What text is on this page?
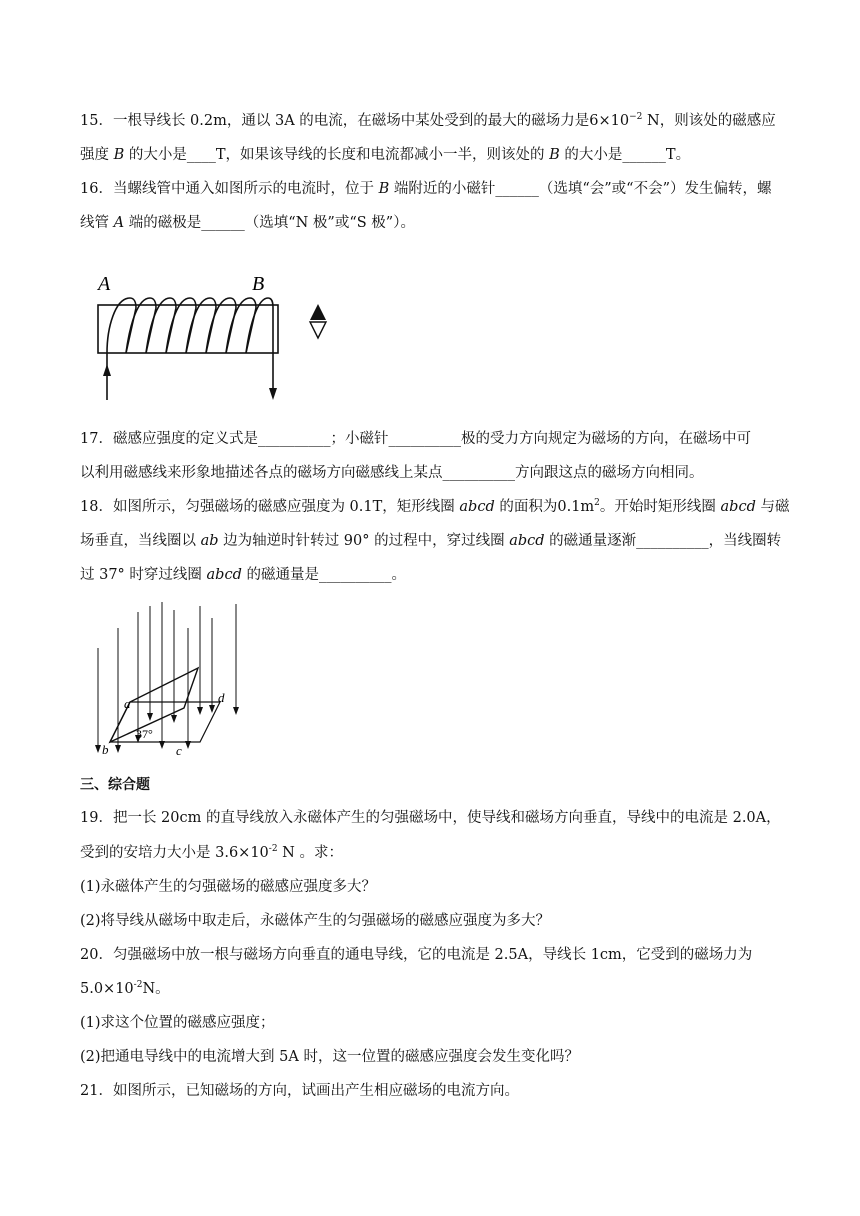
15．一根导线长 0.2m，通以 3A 的电流，在磁场中某处受到的最大的磁场力是$6\times 10^{-2}$ N，则该处的磁感应
强度 B 的大小是____T，如果该导线的长度和电流都减小一半，则该处的 B 的大小是______T。
16．当螺线管中通入如图所示的电流时，位于 B 端附近的小磁针______（选填“会”或“不会”）发生偏转，螺
线管 A 端的磁极是______（选填“N 极”或“S 极”）。
A	B
17．磁感应强度的定义式是__________；小磁针__________极的受力方向规定为磁场的方向，在磁场中可
以利用磁感线来形象地描述各点的磁场方向磁感线上某点__________方向跟这点的磁场方向相同。
18．如图所示，匀强磁场的磁感应强度为 0.1T，矩形线圈 abcd 的面积为$0.1m^2$。开始时矩形线圈 abcd 与磁
场垂直，当线圈以 ab 边为轴逆时针转过 90° 的过程中，穿过线圈 abcd 的磁通量逐渐__________，当线圈转
过 37° 时穿过线圈 abcd 的磁通量是__________。
a
b	c
d
37°
三、综合题
19．把一长 20cm 的直导线放入永磁体产生的匀强磁场中，使导线和磁场方向垂直，导线中的电流是 2.0A，
受到的安培力大小是 $3.6\times 10^{-2}$ N 。求：
(1)永磁体产生的匀强磁场的磁感应强度多大？
(2)将导线从磁场中取走后，永磁体产生的匀强磁场的磁感应强度为多大？
20．匀强磁场中放一根与磁场方向垂直的通电导线，它的电流是 2.5A，导线长 1cm，它受到的磁场力为
$5.0\times 10^{-2}N$。
(1)求这个位置的磁感应强度；
(2)把通电导线中的电流增大到 5A 时，这一位置的磁感应强度会发生变化吗？
21．如图所示，已知磁场的方向，试画出产生相应磁场的电流方向。
